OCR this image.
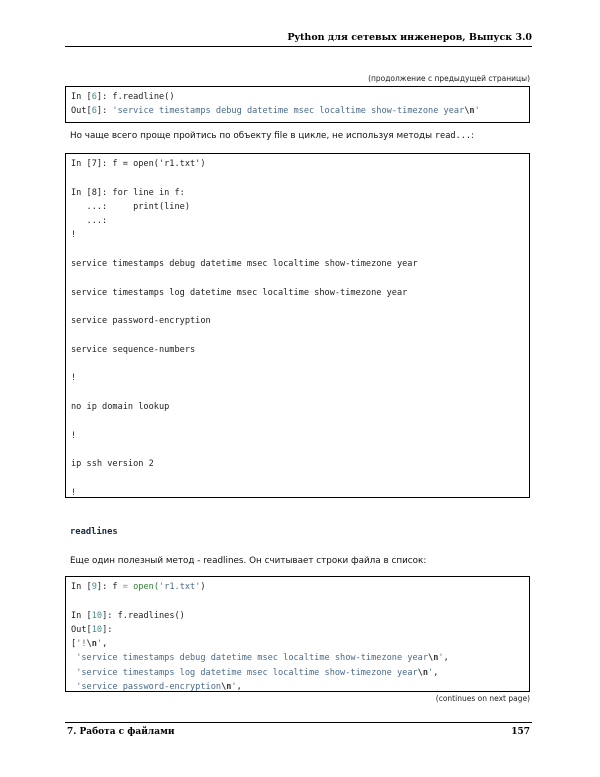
Python для сетевых инженеров, Выпуск 3.0
(продолжение с предыдущей страницы)
In [6]: f.readline()
Out[6]: 'service timestamps debug datetime msec localtime show-timezone year\n'
Но чаще всего проще пройтись по объекту file в цикле, не используя методы read...:
In [7]: f = open('r1.txt')
In [8]: for line in f:
...:     print(line)
...:
!
service timestamps debug datetime msec localtime show-timezone year
service timestamps log datetime msec localtime show-timezone year
service password-encryption
service sequence-numbers
!
no ip domain lookup
!
ip ssh version 2
!
readlines
Еще один полезный метод - readlines. Он считывает строки файла в список:
In [9]: f = open('r1.txt')
In [10]: f.readlines()
Out[10]:
['!\n',
'service timestamps debug datetime msec localtime show-timezone year\n',
'service timestamps log datetime msec localtime show-timezone year\n',
'service password-encryption\n',
(continues on next page)
7. Работа с файлами	157
